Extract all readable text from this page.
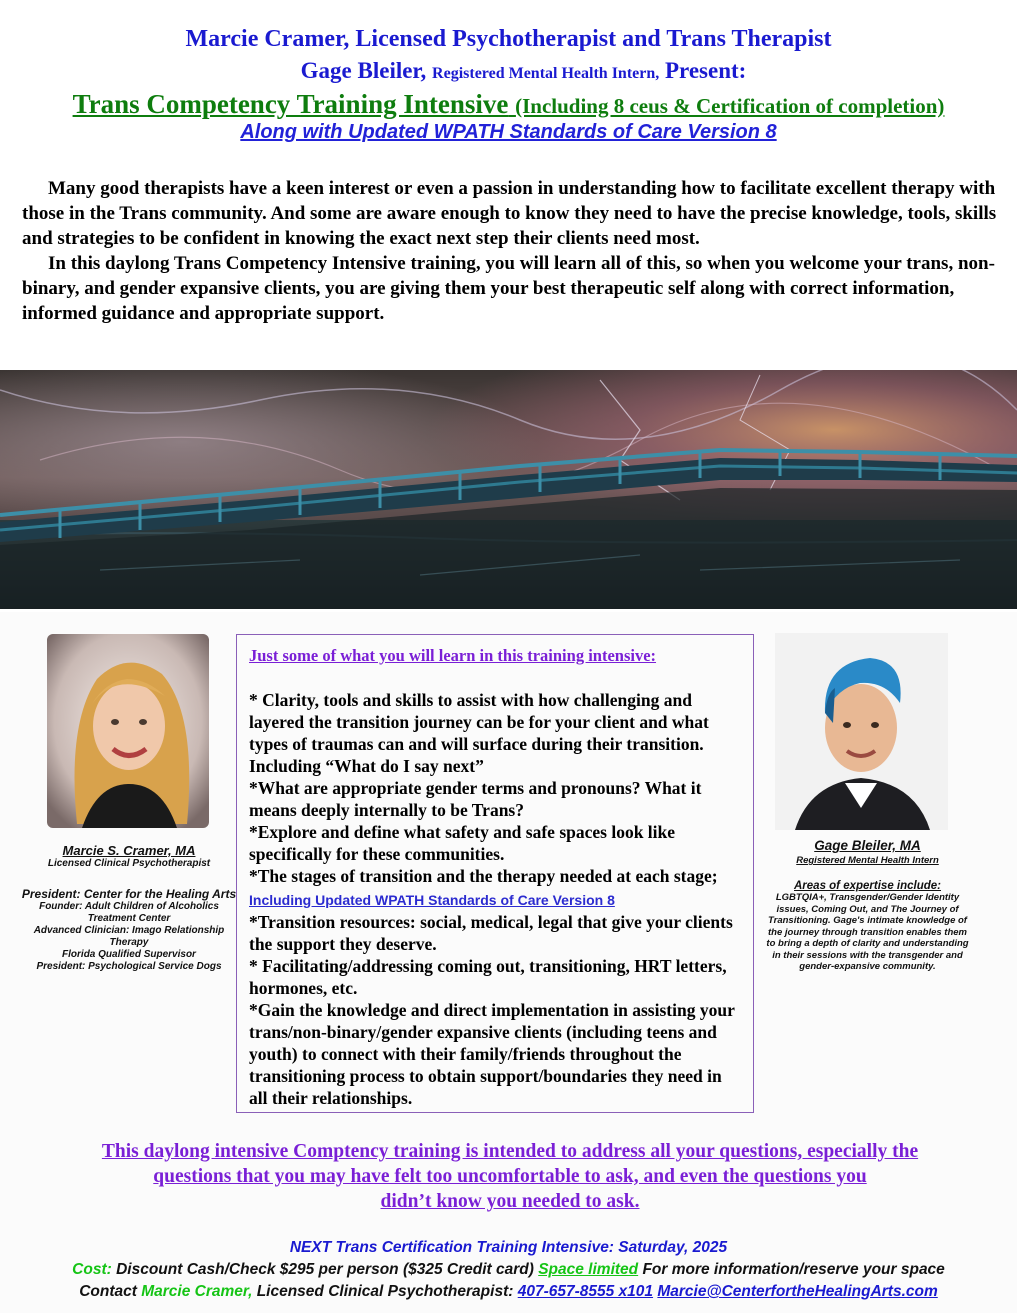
Marcie Cramer, Licensed Psychotherapist and Trans Therapist
Gage Bleiler, Registered Mental Health Intern, Present:
Trans Competency Training Intensive (Including 8 ceus & Certification of completion)
Along with Updated WPATH Standards of Care Version 8

Many good therapists have a keen interest or even a passion in understanding how to facilitate excellent therapy with those in the Trans community. And some are aware enough to know they need to have the precise knowledge, tools, skills and strategies to be confident in knowing the exact next step their clients need most.

In this daylong Trans Competency Intensive training, you will learn all of this, so when you welcome your trans, non-binary, and gender expansive clients, you are giving them your best therapeutic self along with correct information, informed guidance and appropriate support.

Marcie S. Cramer, MA
Licensed Clinical Psychotherapist
President: Center for the Healing Arts
Founder: Adult Children of Alcoholics Treatment Center
Advanced Clinician: Imago Relationship Therapy
Florida Qualified Supervisor
President: Psychological Service Dogs
Just some of what you will learn in this training intensive:
* Clarity, tools and skills to assist with how challenging and layered the transition journey can be for your client and what types of traumas can and will surface during their transition. Including “What do I say next”
*What are appropriate gender terms and pronouns? What it means deeply internally to be Trans?
*Explore and define what safety and safe spaces look like specifically for these communities.
*The stages of transition and the therapy needed at each stage; Including Updated WPATH Standards of Care Version 8
*Transition resources: social, medical, legal that give your clients the support they deserve.
* Facilitating/addressing coming out, transitioning, HRT letters, hormones, etc.
*Gain the knowledge and direct implementation in assisting your trans/non-binary/gender expansive clients (including teens and youth) to connect with their family/friends throughout the transitioning process to obtain support/boundaries they need in all their relationships.
Gage Bleiler, MA
Registered Mental Health Intern
Areas of expertise include:
LGBTQIA+, Transgender/Gender Identity issues, Coming Out, and The Journey of Transitioning. Gage's intimate knowledge of the journey through transition enables them to bring a depth of clarity and understanding in their sessions with the transgender and gender-expansive community.
This daylong intensive Comptency training is intended to address all your questions, especially the
questions that you may have felt too uncomfortable to ask, and even the questions you
didn’t know you needed to ask.
NEXT Trans Certification Training Intensive: Saturday, 2025
Cost: Discount Cash/Check $295 per person ($325 Credit card) Space limited For more information/reserve your space
Contact Marcie Cramer, Licensed Clinical Psychotherapist: 407-657-8555 x101 Marcie@CenterfortheHealingArts.com
